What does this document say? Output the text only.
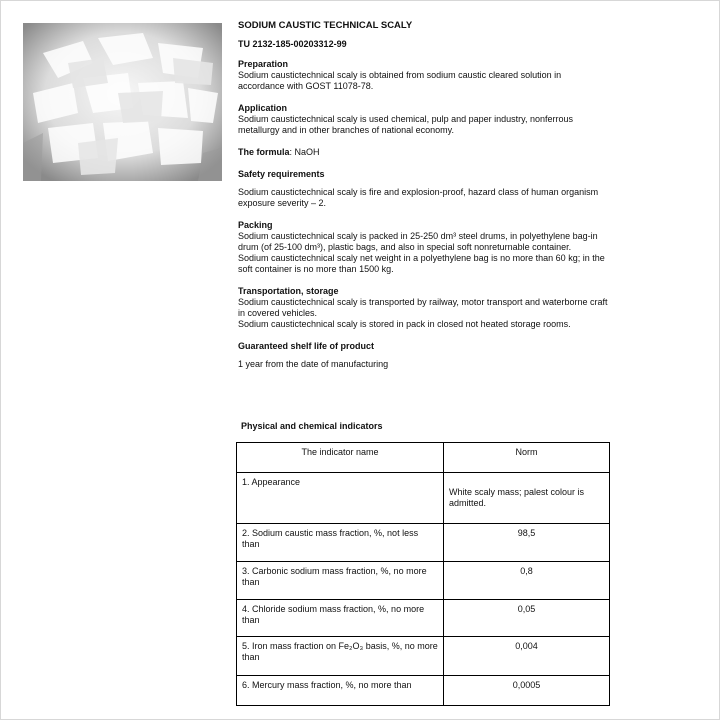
SODIUM CAUSTIC TECHNICAL SCALY

TU 2132-185-00203312-99

Preparation

Sodium caustictechnical scaly is obtained from sodium caustic cleared solution in accordance with GOST 11078-78.

Application

Sodium caustictechnical scaly is used chemical, pulp and paper industry, nonferrous metallurgy and in other branches of national economy.

The formula: NaOH

Safety requirements

Sodium caustictechnical scaly is fire and explosion-proof, hazard class of human organism exposure severity – 2.

Packing

Sodium caustictechnical scaly is packed in 25-250 dm³ steel drums, in polyethylene bag-in drum (of 25-100 dm³), plastic bags, and also in special soft nonreturnable container.

Sodium caustictechnical scaly net weight in a polyethylene bag is no more than 60 kg; in the soft container is no more than 1500 kg.

Transportation, storage

Sodium caustictechnical scaly is transported by railway, motor transport and waterborne craft in covered vehicles.

Sodium caustictechnical scaly is stored in pack in closed not heated storage rooms.

Guaranteed shelf life of product

1 year from the date of manufacturing

Physical and chemical indicators
The indicator name	Norm
1. Appearance	White scaly mass; palest colour is admitted.
2. Sodium caustic mass fraction, %, not less than	98,5
3. Carbonic sodium mass fraction, %, no more than	0,8
4. Chloride sodium mass fraction, %, no more than	0,05
5. Iron mass fraction on Fe₂O₃ basis, %, no more than	0,004
6. Mercury mass fraction, %, no more than	0,0005
